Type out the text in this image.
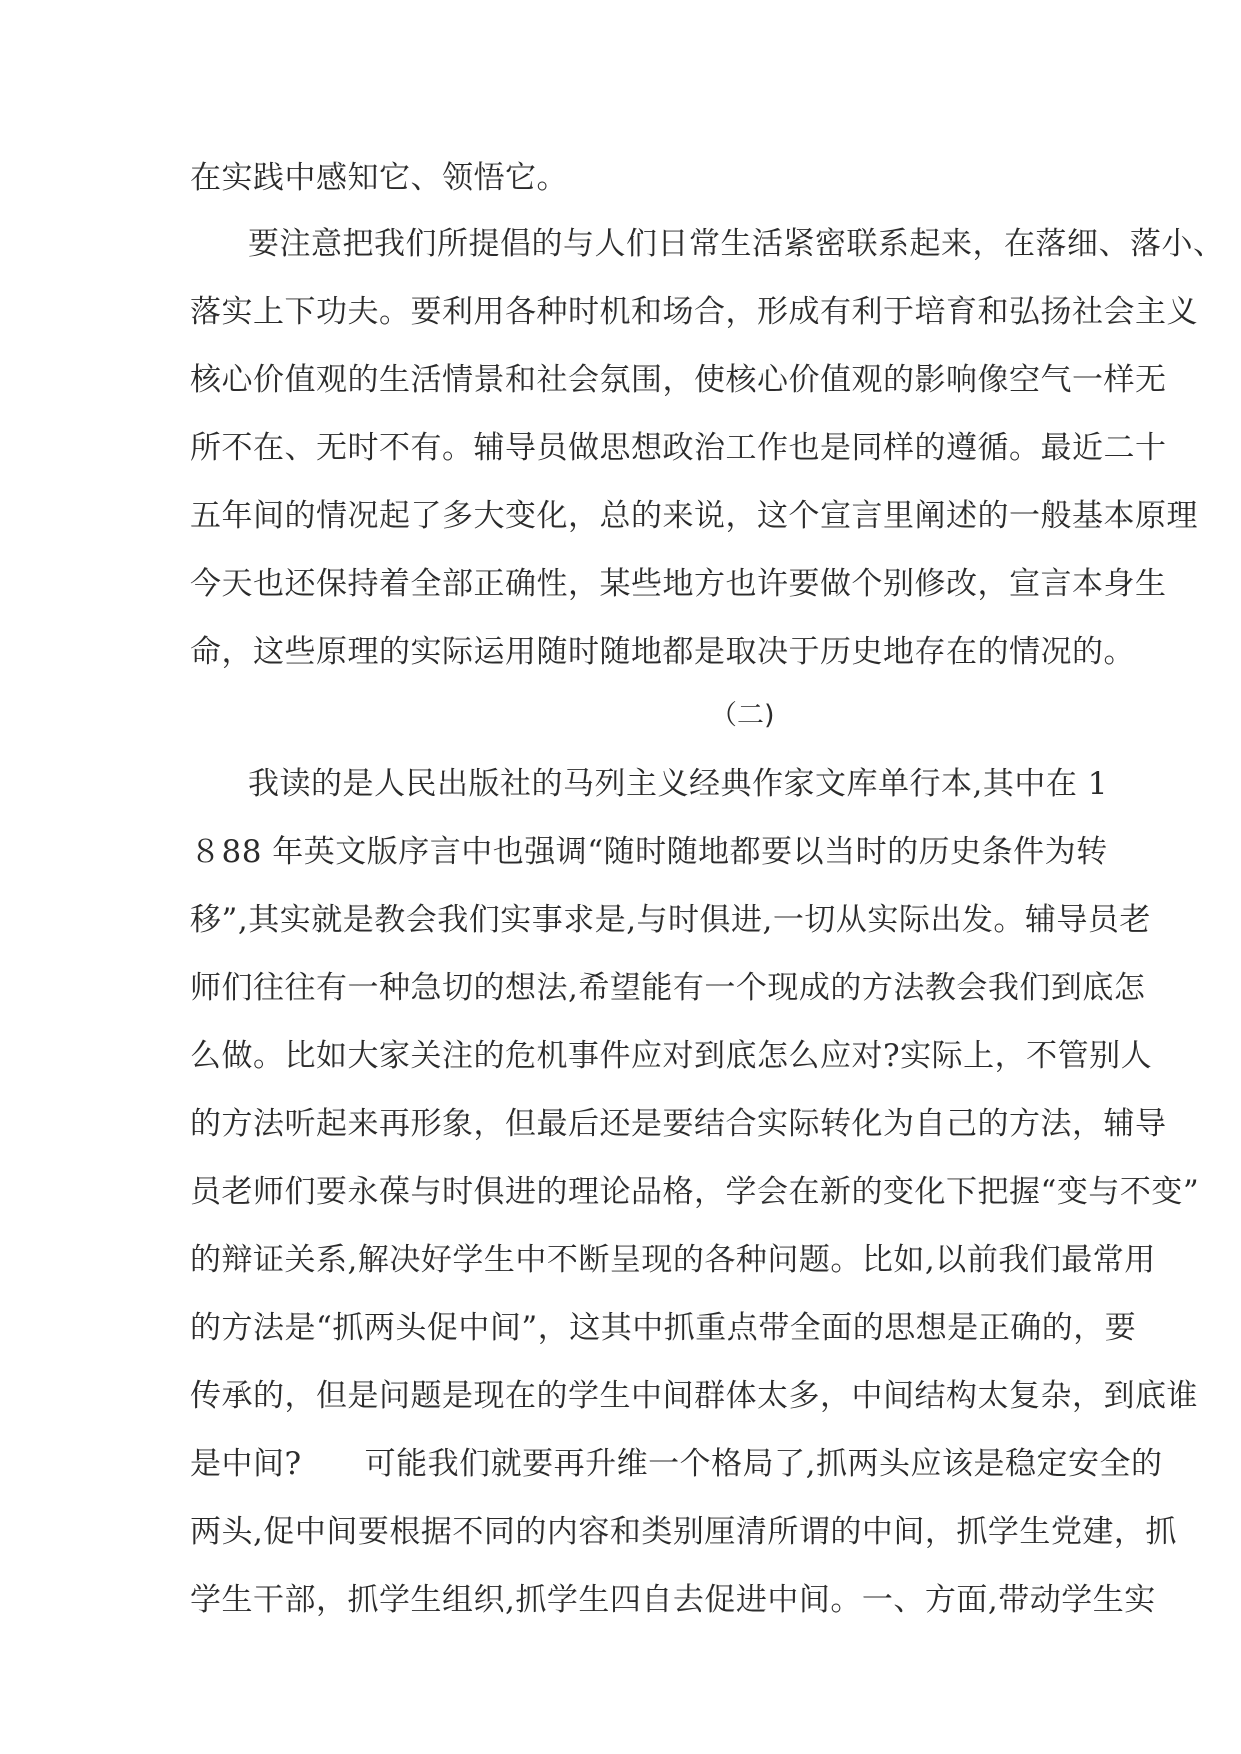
在实践中感知它、领悟它。
要注意把我们所提倡的与人们日常生活紧密联系起来，在落细、落小、
落实上下功夫。要利用各种时机和场合，形成有利于培育和弘扬社会主义
核心价值观的生活情景和社会氛围，使核心价值观的影响像空气一样无
所不在、无时不有。辅导员做思想政治工作也是同样的遵循。最近二十
五年间的情况起了多大变化，总的来说，这个宣言里阐述的一般基本原理
今天也还保持着全部正确性，某些地方也许要做个别修改，宣言本身生
命，这些原理的实际运用随时随地都是取决于历史地存在的情况的。
（二)
我读的是人民出版社的马列主义经典作家文库单行本,其中在 1
８88 年英文版序言中也强调“随时随地都要以当时的历史条件为转
移”,其实就是教会我们实事求是,与时俱进,一切从实际出发。辅导员老
师们往往有一种急切的想法,希望能有一个现成的方法教会我们到底怎
么做。比如大家关注的危机事件应对到底怎么应对?实际上，不管别人
的方法听起来再形象，但最后还是要结合实际转化为自己的方法，辅导
员老师们要永葆与时俱进的理论品格，学会在新的变化下把握“变与不变”
的辩证关系,解决好学生中不断呈现的各种问题。比如,以前我们最常用
的方法是“抓两头促中间”，这其中抓重点带全面的思想是正确的，要
传承的，但是问题是现在的学生中间群体太多，中间结构太复杂，到底谁
是中间?　　可能我们就要再升维一个格局了,抓两头应该是稳定安全的
两头,促中间要根据不同的内容和类别厘清所谓的中间，抓学生党建，抓
学生干部，抓学生组织,抓学生四自去促进中间。一、方面,带动学生实
